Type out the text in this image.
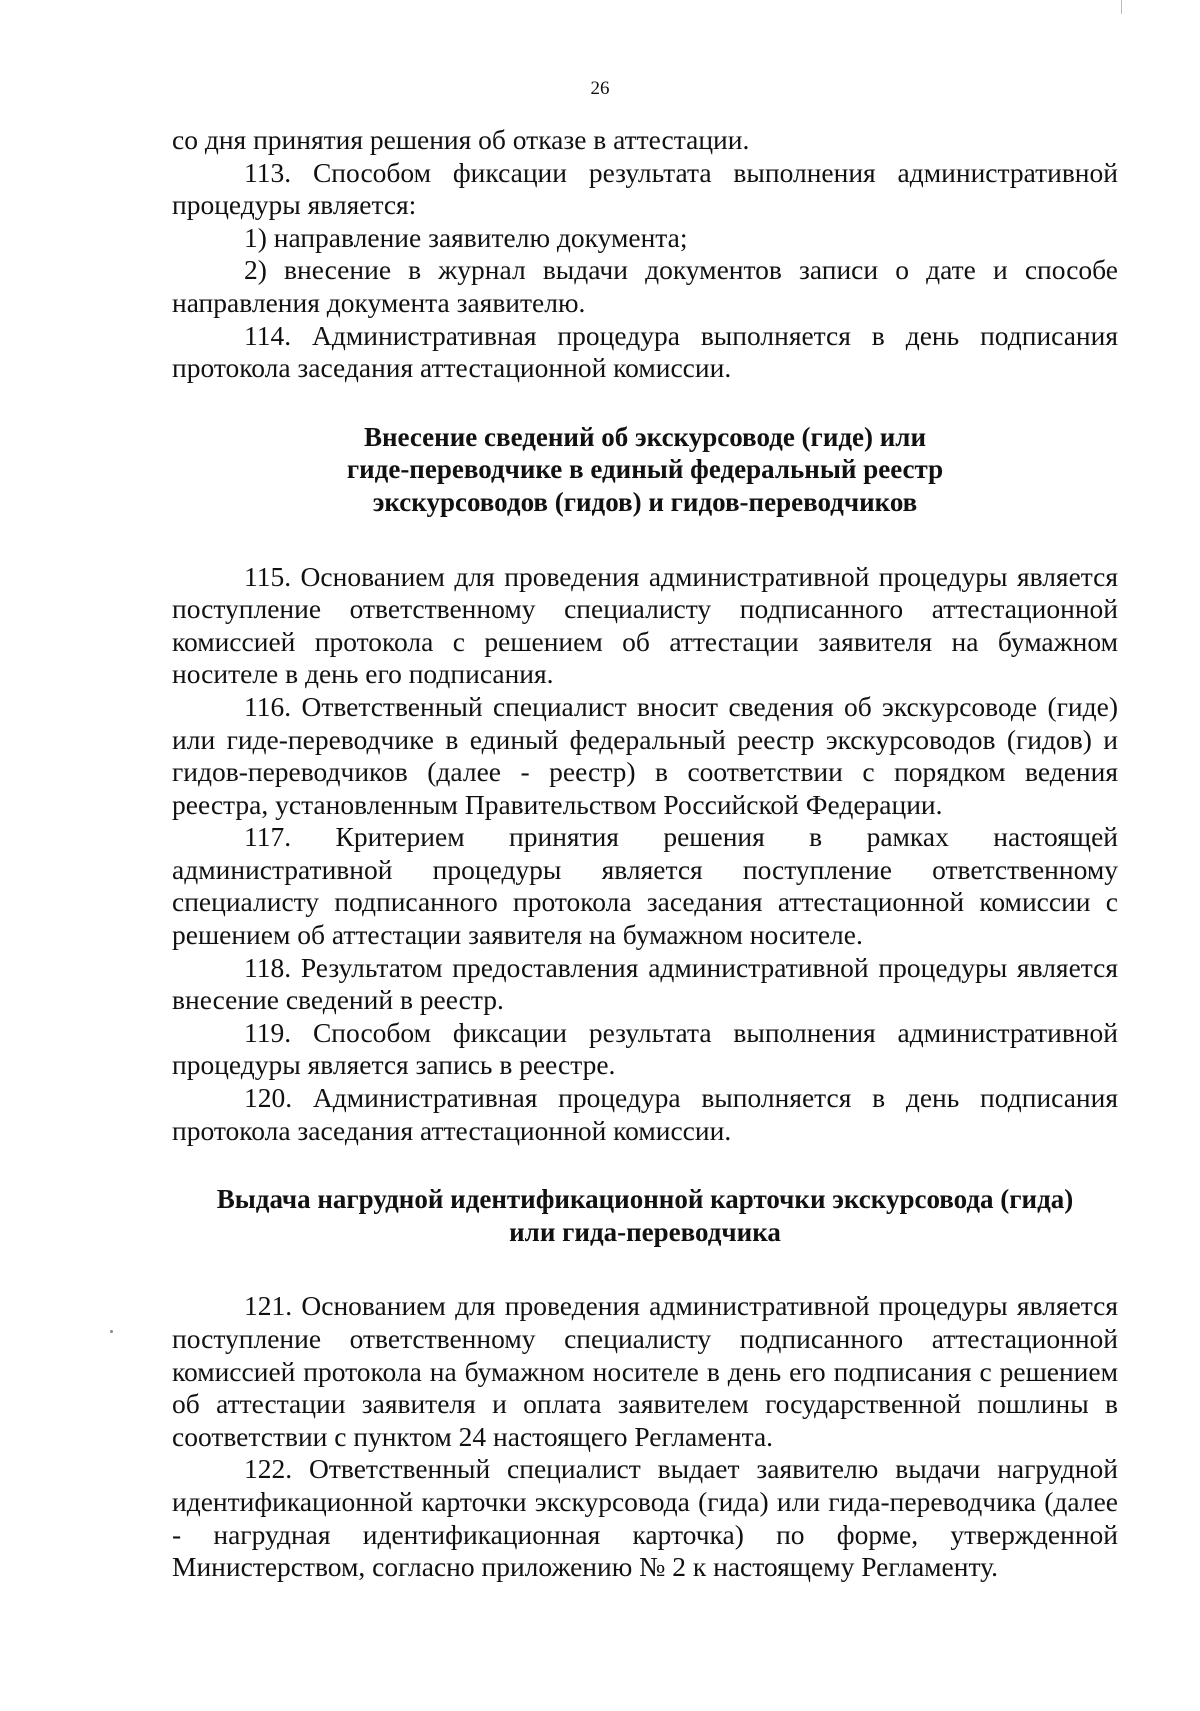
26

со дня принятия решения об отказе в аттестации.

113. Способом фиксации результата выполнения административной процедуры является:

1) направление заявителю документа;

2) внесение в журнал выдачи документов записи о дате и способе направления документа заявителю.

114. Административная процедура выполняется в день подписания протокола заседания аттестационной комиссии.

Внесение сведений об экскурсоводе (гиде) или
гиде-переводчике в единый федеральный реестр
экскурсоводов (гидов) и гидов-переводчиков

115. Основанием для проведения административной процедуры является поступление ответственному специалисту подписанного аттестационной комиссией протокола с решением об аттестации заявителя на бумажном носителе в день его подписания.

116. Ответственный специалист вносит сведения об экскурсоводе (гиде) или гиде-переводчике в единый федеральный реестр экскурсоводов (гидов) и гидов-переводчиков (далее - реестр) в соответствии с порядком ведения реестра, установленным Правительством Российской Федерации.

117. Критерием принятия решения в рамках настоящей административной процедуры является поступление ответственному специалисту подписанного протокола заседания аттестационной комиссии с решением об аттестации заявителя на бумажном носителе.

118. Результатом предоставления административной процедуры является внесение сведений в реестр.

119. Способом фиксации результата выполнения административной процедуры является запись в реестре.

120. Административная процедура выполняется в день подписания протокола заседания аттестационной комиссии.

Выдача нагрудной идентификационной карточки экскурсовода (гида)
или гида-переводчика

121. Основанием для проведения административной процедуры является поступление ответственному специалисту подписанного аттестационной комиссией протокола на бумажном носителе в день его подписания с решением об аттестации заявителя и оплата заявителем государственной пошлины в соответствии с пунктом 24 настоящего Регламента.

122. Ответственный специалист выдает заявителю выдачи нагрудной идентификационной карточки экскурсовода (гида) или гида-переводчика (далее - нагрудная идентификационная карточка) по форме, утвержденной Министерством, согласно приложению № 2 к настоящему Регламенту.
